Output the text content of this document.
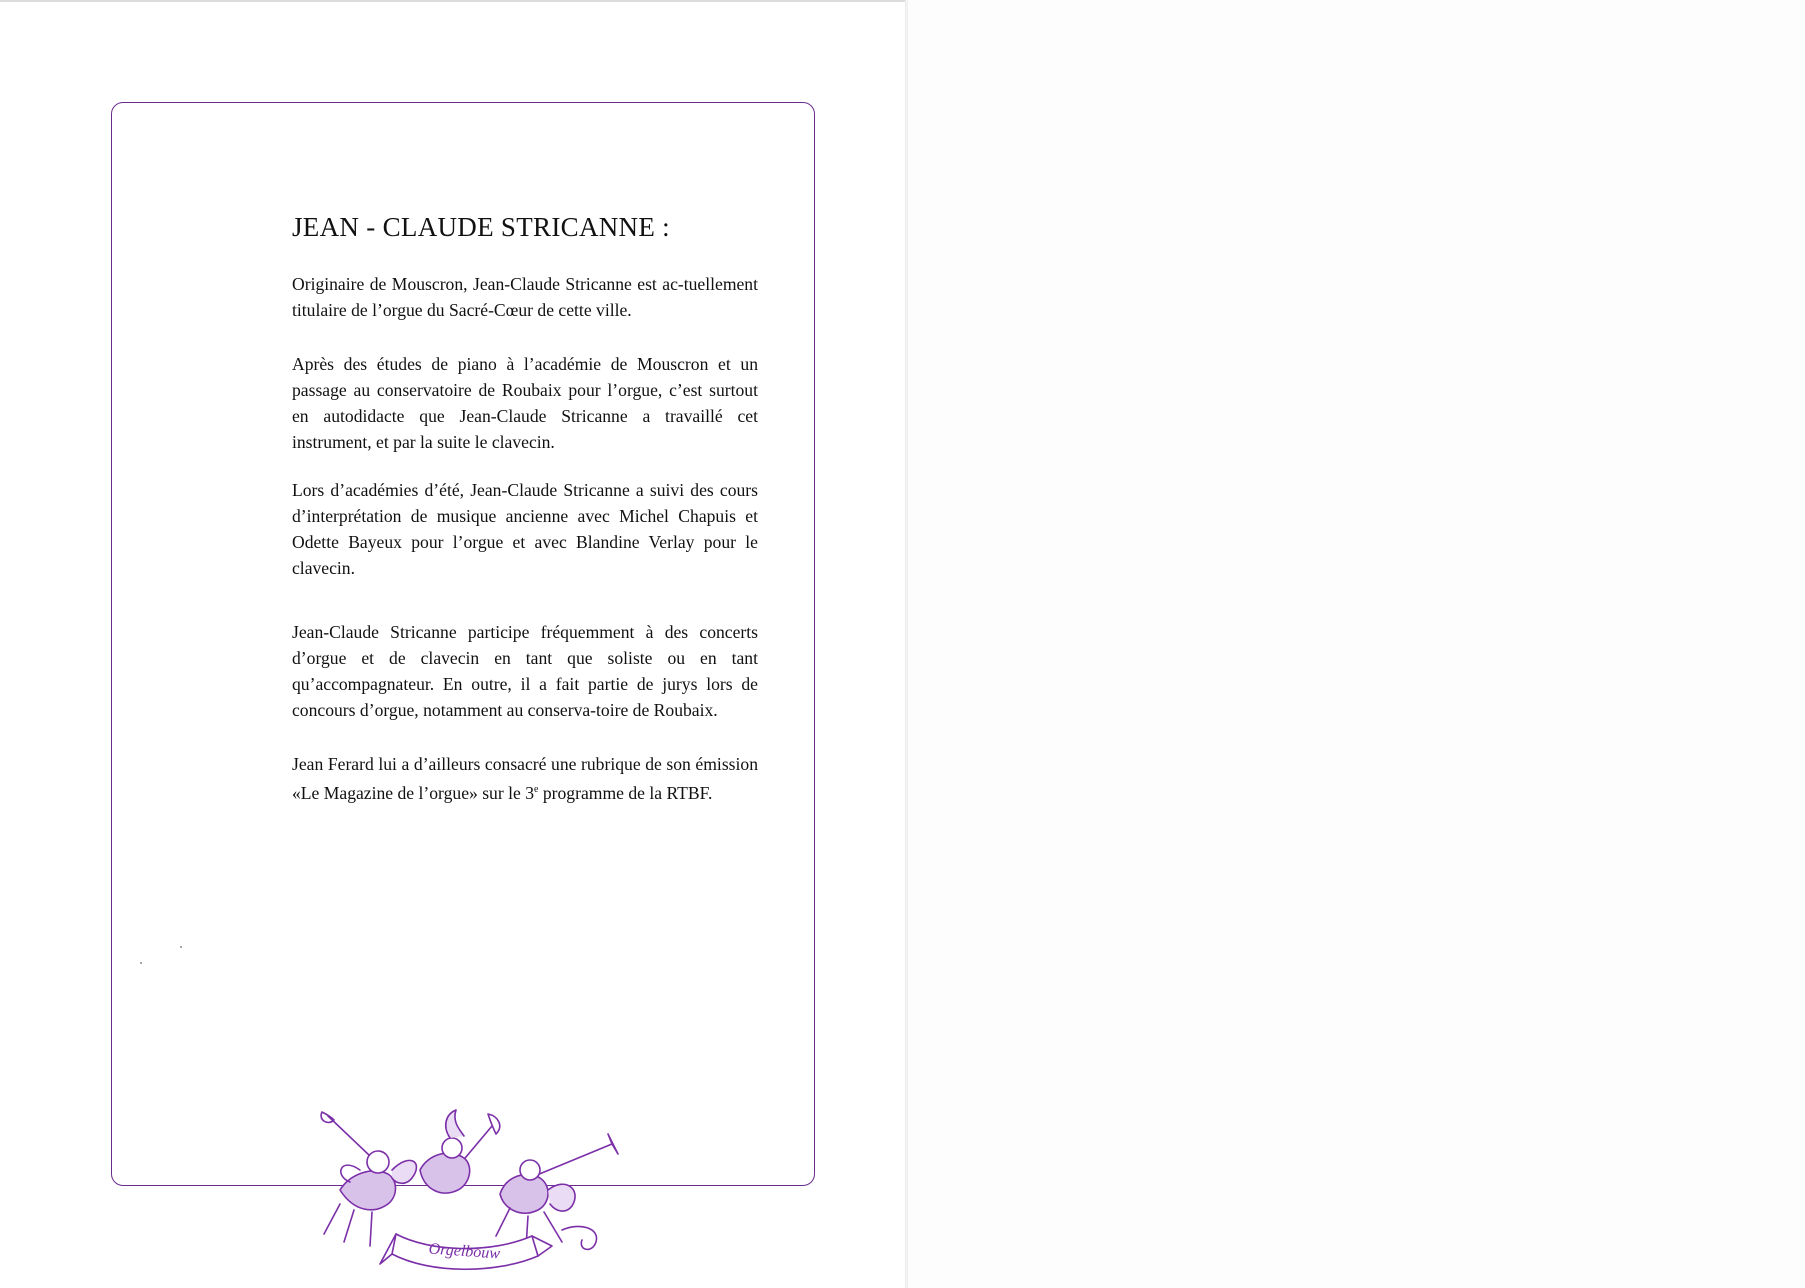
JEAN - CLAUDE STRICANNE :

Originaire de Mouscron, Jean-Claude Stricanne est ac-tuellement titulaire de l’orgue du Sacré-Cœur de cette ville.

Après des études de piano à l’académie de Mouscron et un passage au conservatoire de Roubaix pour l’orgue, c’est surtout en autodidacte que Jean-Claude Stricanne a travaillé cet instrument, et par la suite le clavecin.

Lors d’académies d’été, Jean-Claude Stricanne a suivi des cours d’interprétation de musique ancienne avec Michel Chapuis et Odette Bayeux pour l’orgue et avec Blandine Verlay pour le clavecin.

Jean-Claude Stricanne participe fréquemment à des concerts d’orgue et de clavecin en tant que soliste ou en tant qu’accompagnateur. En outre, il a fait partie de jurys lors de concours d’orgue, notamment au conserva-toire de Roubaix.

Jean Ferard lui a d’ailleurs consacré une rubrique de son émission «Le Magazine de l’orgue» sur le 3e programme de la RTBF.

Orgelbouw
